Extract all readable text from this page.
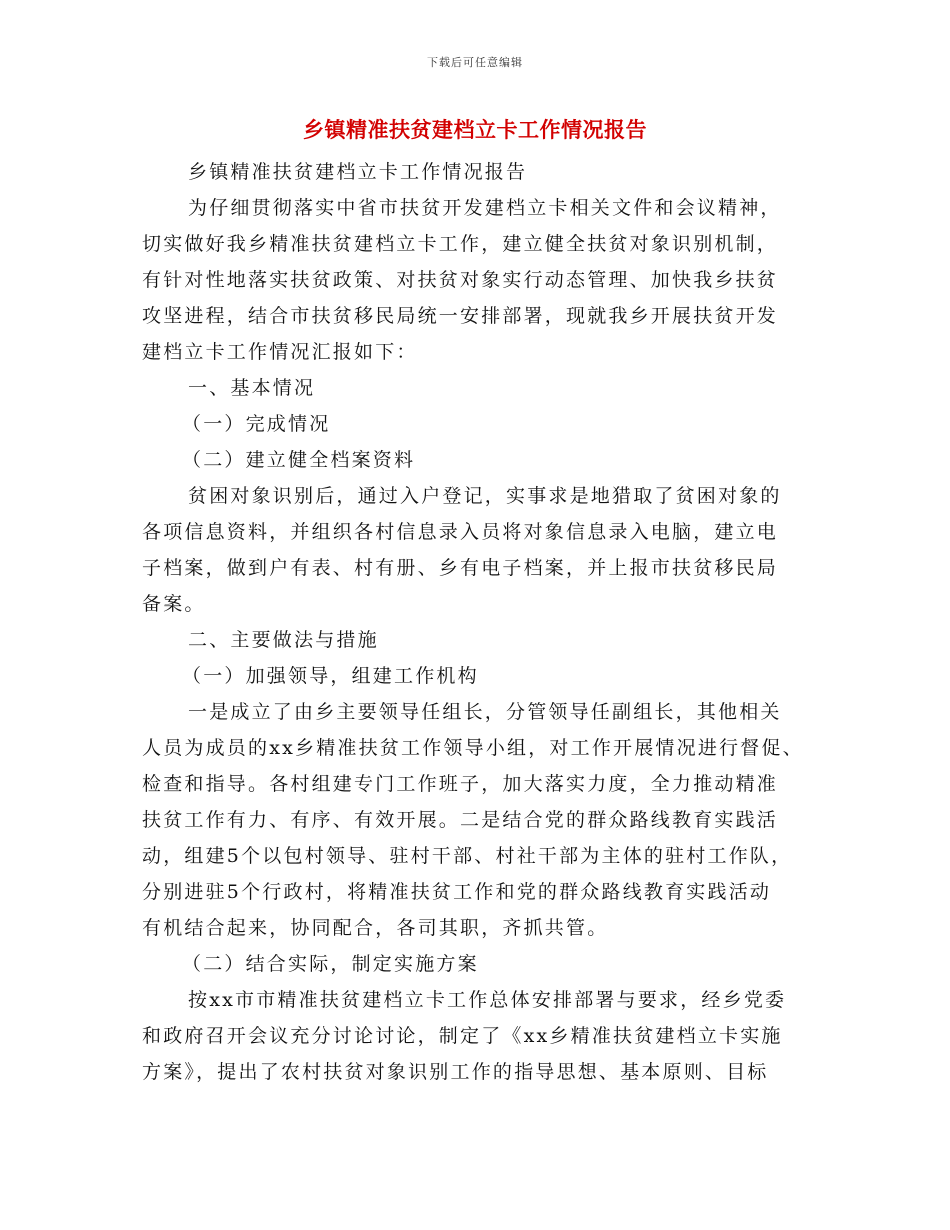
下载后可任意编辑
乡镇精准扶贫建档立卡工作情况报告
乡镇精准扶贫建档立卡工作情况报告
为仔细贯彻落实中省市扶贫开发建档立卡相关文件和会议精神，
切实做好我乡精准扶贫建档立卡工作，建立健全扶贫对象识别机制，
有针对性地落实扶贫政策、对扶贫对象实行动态管理、加快我乡扶贫
攻坚进程，结合市扶贫移民局统一安排部署，现就我乡开展扶贫开发
建档立卡工作情况汇报如下：
一、基本情况
（一）完成情况
（二）建立健全档案资料
贫困对象识别后，通过入户登记，实事求是地猎取了贫困对象的
各项信息资料，并组织各村信息录入员将对象信息录入电脑，建立电
子档案，做到户有表、村有册、乡有电子档案，并上报市扶贫移民局
备案。
二、主要做法与措施
（一）加强领导，组建工作机构
一是成立了由乡主要领导任组长，分管领导任副组长，其他相关
人员为成员的xx乡精准扶贫工作领导小组，对工作开展情况进行督促、
检查和指导。各村组建专门工作班子，加大落实力度，全力推动精准
扶贫工作有力、有序、有效开展。二是结合党的群众路线教育实践活
动，组建5个以包村领导、驻村干部、村社干部为主体的驻村工作队，
分别进驻5个行政村，将精准扶贫工作和党的群众路线教育实践活动
有机结合起来，协同配合，各司其职，齐抓共管。
（二）结合实际，制定实施方案
按xx市市精准扶贫建档立卡工作总体安排部署与要求，经乡党委
和政府召开会议充分讨论讨论，制定了《xx乡精准扶贫建档立卡实施
方案》，提出了农村扶贫对象识别工作的指导思想、基本原则、目标
